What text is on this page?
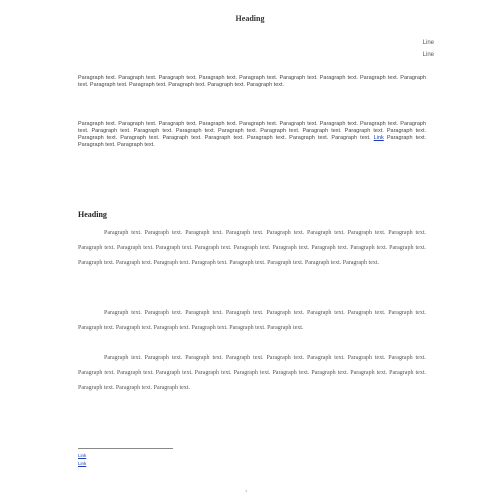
Heading
Line
Line

Paragraph text. Paragraph text. Paragraph text. Paragraph text. Paragraph text. Paragraph text. Paragraph text. Paragraph text. Paragraph text. Paragraph text. Paragraph text. Paragraph text. Paragraph text. Paragraph text.

Paragraph text. Paragraph text. Paragraph text. Paragraph text. Paragraph text. Paragraph text. Paragraph text. Paragraph text. Paragraph text. Paragraph text. Paragraph text. Paragraph text. Paragraph text. Paragraph text. Paragraph text. Paragraph text. Paragraph text. Paragraph text. Paragraph text. Paragraph text. Paragraph text. Paragraph text. Paragraph text. Paragraph text. Link Paragraph text. Paragraph text. Paragraph text.

Heading

Paragraph text. Paragraph text. Paragraph text. Paragraph text. Paragraph text. Paragraph text. Paragraph text. Paragraph text. Paragraph text. Paragraph text. Paragraph text. Paragraph text. Paragraph text. Paragraph text. Paragraph text. Paragraph text. Paragraph text. Paragraph text. Paragraph text. Paragraph text. Paragraph text. Paragraph text. Paragraph text. Paragraph text. Paragraph text.

Paragraph text. Paragraph text. Paragraph text. Paragraph text. Paragraph text. Paragraph text. Paragraph text. Paragraph text. Paragraph text. Paragraph text. Paragraph text. Paragraph text. Paragraph text. Paragraph text.

Paragraph text. Paragraph text. Paragraph text. Paragraph text. Paragraph text. Paragraph text. Paragraph text. Paragraph text. Paragraph text. Paragraph text. Paragraph text. Paragraph text. Paragraph text. Paragraph text. Paragraph text. Paragraph text. Paragraph text. Paragraph text. Paragraph text. Paragraph text.

Link

Link

1
